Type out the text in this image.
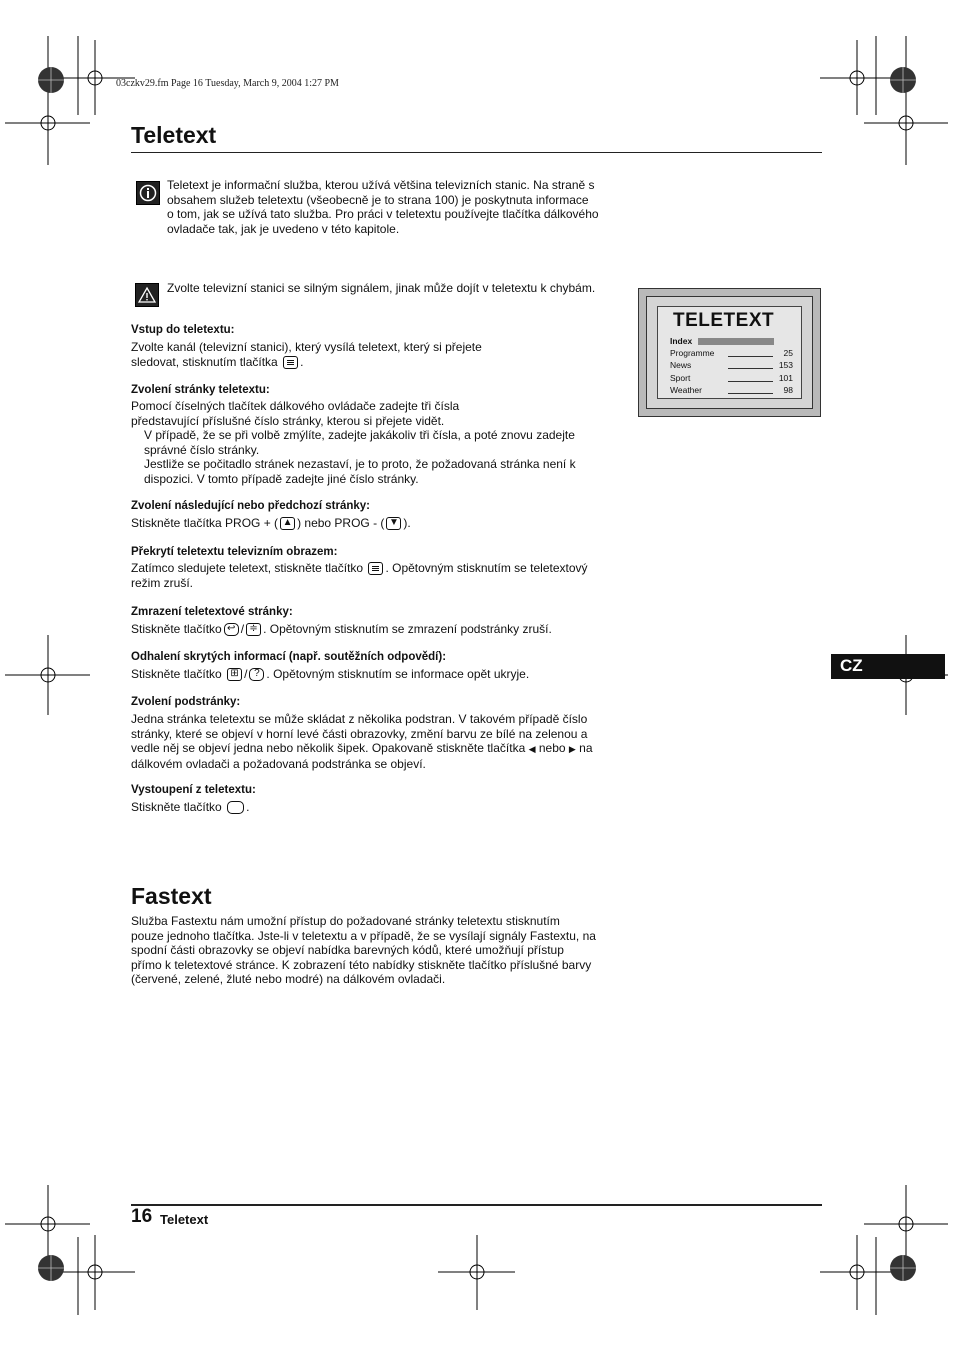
03czkv29.fm Page 16 Tuesday, March 9, 2004 1:27 PM
Teletext
Teletext je informační služba, kterou užívá většina televizních stanic. Na straně s
obsahem služeb teletextu (všeobecně je to strana 100) je poskytnuta informace
o tom, jak se užívá tato služba. Pro práci v teletextu používejte tlačítka dálkového
ovladače tak, jak je uvedeno v této kapitole.
Zvolte televizní stanici se silným signálem, jinak může dojít v teletextu k chybám.
Vstup do teletextu:
Zvolte kanál (televizní stanici), který vysílá teletext, který si přejete
sledovat, stisknutím tlačítka .
Zvolení stránky teletextu:
Pomocí číselných tlačítek dálkového ovládače zadejte tři čísla
představující příslušné číslo stránky, kterou si přejete vidět.
V případě, že se při volbě zmýlíte, zadejte jakákoliv tři čísla, a poté znovu zadejte
správné číslo stránky.
Jestliže se počitadlo stránek nezastaví, je to proto, že požadovaná stránka není k
dispozici. V tomto případě zadejte jiné číslo stránky.
Zvolení následující nebo předchozí stránky:
Stiskněte tlačítka PROG + ( ▲ ) nebo PROG - ( ▼ ).
Překrytí teletextu televizním obrazem:
Zatímco sledujete teletext, stiskněte tlačítko . Opětovným stisknutím se teletextový
režim zruší.
Zmrazení teletextové stránky:
Stiskněte tlačítko ↩ / ≑ . Opětovným stisknutím se zmrazení podstránky zruší.
Odhalení skrytých informací (např. soutěžních odpovědí):
Stiskněte tlačítko ⊞ / ? . Opětovným stisknutím se informace opět ukryje.
Zvolení podstránky:
Jedna stránka teletextu se může skládat z několika podstran. V takovém případě číslo
stránky, které se objeví v horní levé části obrazovky, změní barvu ze bílé na zelenou a
vedle něj se objeví jedna nebo několik šipek. Opakovaně stiskněte tlačítka ◀ nebo ▶ na
dálkovém ovladači a požadovaná podstránka se objeví.
Vystoupení z teletextu:
Stiskněte tlačítko .
Fastext
Služba Fastextu nám umožní přístup do požadované stránky teletextu stisknutím
pouze jednoho tlačítka. Jste-li v teletextu a v případě, že se vysílají signály Fastextu, na
spodní části obrazovky se objeví nabídka barevných kódů, které umožňují přístup
přímo k teletextové stránce. K zobrazení této nabídky stiskněte tlačítko příslušné barvy
(červené, zelené, žluté nebo modré) na dálkovém ovladači.
TELETEXT
Index
Programme	25
News	153
Sport	101
Weather	98
CZ
16 Teletext
